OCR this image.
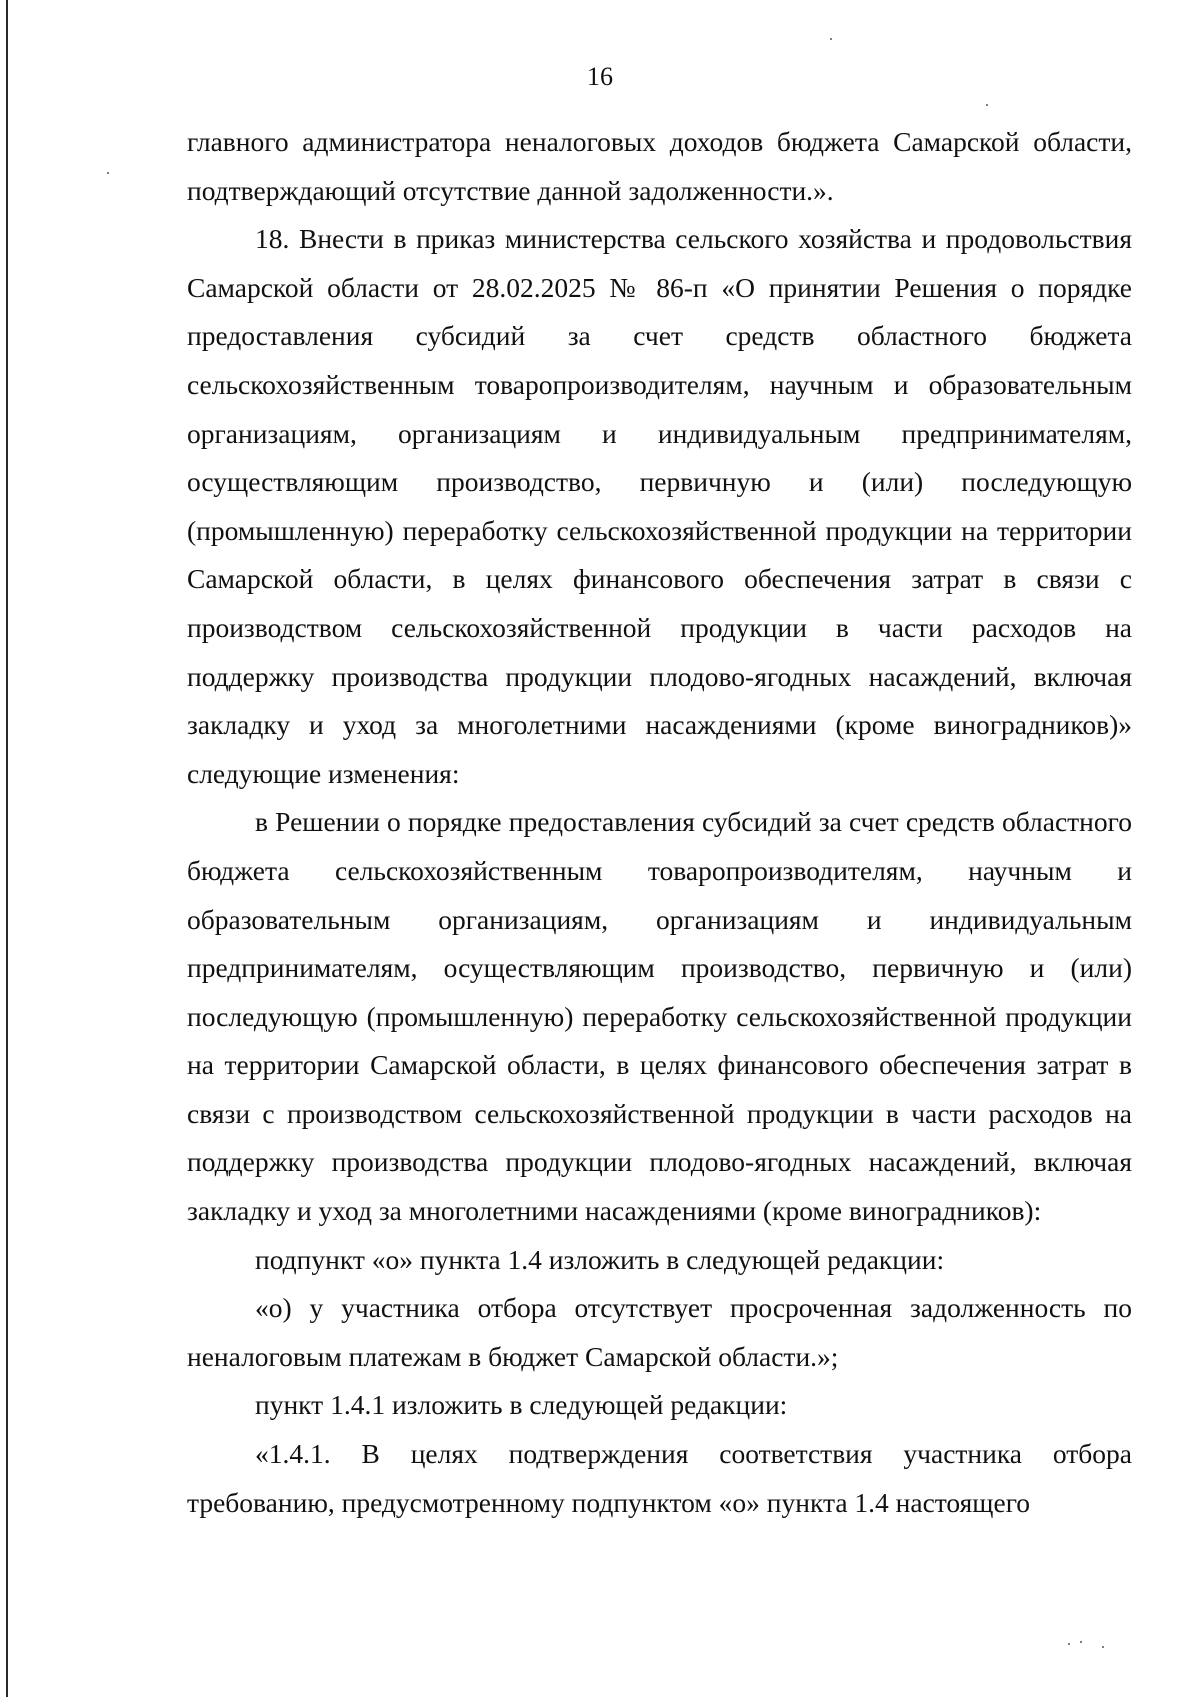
16

главного администратора неналоговых доходов бюджета Самарской области, подтверждающий отсутствие данной задолженности.».

18. Внести в приказ министерства сельского хозяйства и продовольствия Самарской области от 28.02.2025 № 86-п «О принятии Решения о порядке предоставления субсидий за счет средств областного бюджета сельскохозяйственным товаропроизводителям, научным и образовательным организациям, организациям и индивидуальным предпринимателям, осуществляющим производство, первичную и (или) последующую (промышленную) переработку сельскохозяйственной продукции на территории Самарской области, в целях финансового обеспечения затрат в связи с производством сельскохозяйственной продукции в части расходов на поддержку производства продукции плодово-ягодных насаждений, включая закладку и уход за многолетними насаждениями (кроме виноградников)» следующие изменения:

в Решении о порядке предоставления субсидий за счет средств областного бюджета сельскохозяйственным товаропроизводителям, научным и образовательным организациям, организациям и индивидуальным предпринимателям, осуществляющим производство, первичную и (или) последующую (промышленную) переработку сельскохозяйственной продукции на территории Самарской области, в целях финансового обеспечения затрат в связи с производством сельскохозяйственной продукции в части расходов на поддержку производства продукции плодово-ягодных насаждений, включая закладку и уход за многолетними насаждениями (кроме виноградников):

подпункт «о» пункта 1.4 изложить в следующей редакции:

«о) у участника отбора отсутствует просроченная задолженность по неналоговым платежам в бюджет Самарской области.»;

пункт 1.4.1 изложить в следующей редакции:

«1.4.1. В целях подтверждения соответствия участника отбора требованию, предусмотренному подпунктом «о» пункта 1.4 настоящего
